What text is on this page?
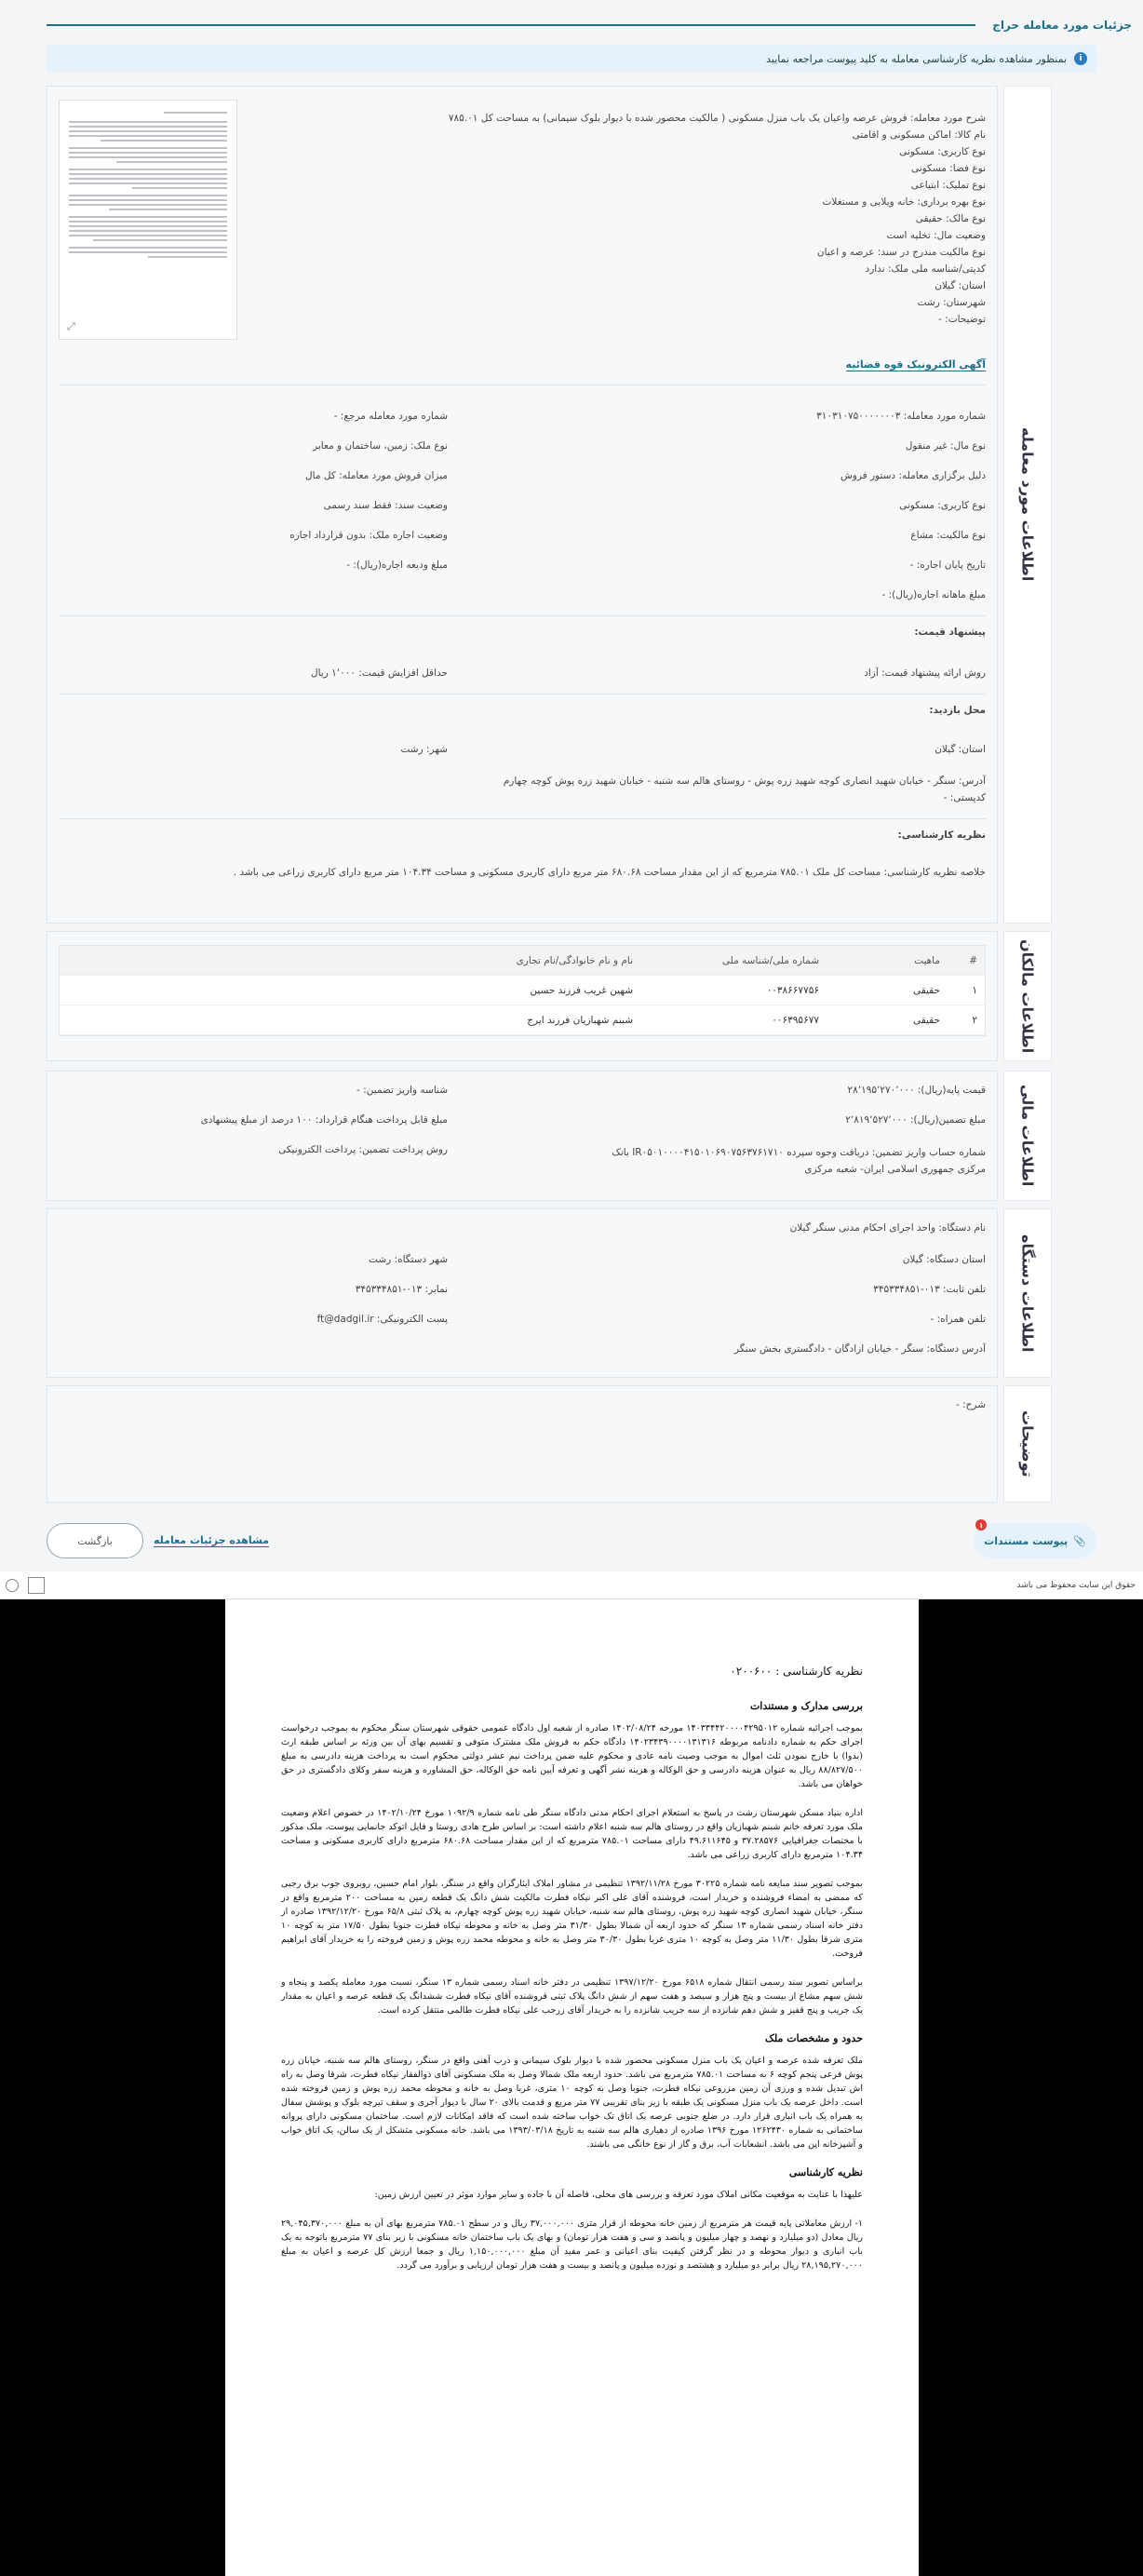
جزئیات مورد معامله حراج
i
بمنظور مشاهده نظریه کارشناسی معامله به کلید پیوست مراجعه نمایید
اطلاعات مورد معامله
شرح مورد معامله: فروش عرصه واعیان یک باب منزل مسکونی ( مالکیت محصور شده با دیوار بلوک سیمانی) به مساحت کل ۷۸۵.۰۱
نام کالا: اماکن مسکونی و اقامتی
نوع کاربری: مسکونی
نوع فضا: مسکونی
نوع تملیک: ابتیاعی
نوع بهره برداری: خانه ویلایی و مستغلات
نوع مالک: حقیقی
وضعیت مال: تخلیه است
نوع مالکیت مندرج در سند: عرصه و اعیان
کدپتی/شناسه ملی ملک: ندارد
استان: گیلان
شهرستان: رشت
توضیحات: -
⤢
آگهی الکترونیک قوه قضائیه
شماره مورد معامله: ۳۱۰۳۱۰۷۵۰۰۰۰۰۰۰۳
شماره مورد معامله مرجع: -
نوع مال: غیر منقول
نوع ملک: زمین، ساختمان و معابر
دلیل برگزاری معامله: دستور فروش
میزان فروش مورد معامله: کل مال
نوع کاربری: مسکونی
وضعیت سند: فقط سند رسمی
نوع مالکیت: مشاع
وضعیت اجاره ملک: بدون قرارداد اجاره
تاریخ پایان اجاره: -
مبلغ ودیعه اجاره(ریال): -
مبلغ ماهانه اجاره(ریال): -
پیشنهاد قیمت:
روش ارائه پیشنهاد قیمت: آزاد
حداقل افزایش قیمت: ۱٬۰۰۰ ریال
محل بازدید:
استان: گیلان
شهر: رشت
آدرس: سنگر - خیابان شهید انصاری کوچه شهید زره پوش - روستای هالم سه شنبه - خیابان شهید زره پوش کوچه چهارم
کدپستی: -
نظریه کارشناسی:
خلاصه نظریه کارشناسی: مساحت کل ملک ۷۸۵.۰۱ مترمربع که از این مقدار مساحت ۶۸۰.۶۸ متر مربع دارای کاربری مسکونی و مساحت ۱۰۴.۳۴ متر مربع دارای کاربری زراعی می باشد .
اطلاعات مالکان
#
ماهیت
شماره ملی/شناسه ملی
نام و نام خانوادگی/نام تجاری
۱
حقیقی
۰۰۳۸۶۶۷۷۵۶
شهین غریب فرزند حسین
۲
حقیقی
۰۰۶۳۹۵۶۷۷
شبنم شهبازیان فرزند ایرج
اطلاعات مالی
قیمت پایه(ریال): ۲۸٬۱۹۵٬۲۷۰٬۰۰۰
شناسه واریز تضمین: -
مبلغ تضمین(ریال): ۲٬۸۱۹٬۵۲۷٬۰۰۰
مبلغ قابل پرداخت هنگام قرارداد: ۱۰۰ درصد از مبلغ پیشنهادی
شماره حساب واریز تضمین: دریافت وجوه سپرده IR۰۵۰۱۰۰۰۰۴۱۵۰۱۰۶۹۰۷۵۶۳۷۶۱۷۱۰ بانک مرکزی جمهوری اسلامی ایران- شعبه مرکزی
روش پرداخت تضمین: پرداخت الکترونیکی
اطلاعات دستگاه
نام دستگاه: واحد اجرای احکام مدنی سنگر گیلان
استان دستگاه: گیلان
شهر دستگاه: رشت
تلفن ثابت: ۰۱۳-۳۴۵۳۳۴۸۵۱
نمابر: ۰۱۳-۳۴۵۳۳۴۸۵۱
تلفن همراه: -
پست الکترونیکی: ft@dadgil.ir
آدرس دستگاه: سنگر - خیابان ازادگان - دادگستری بخش سنگر
توضیحات
شرح: -
۱
📎
پیوست مستندات
بازگشت	مشاهده جزئیات معامله
حقوق این سایت محفوظ می باشد
نظریه کارشناسی : ۰۲۰۰۶۰۰
بررسی مدارک و مستندات
بموجب اجرائیه شماره ۱۴۰۳۳۴۴۲۰۰۰۰۴۲۹۵۰۱۲ مورخه ۱۴۰۲/۰۸/۲۴ صادره از شعبه اول دادگاه عمومی حقوقی شهرستان سنگر محکوم به بموجب درخواست اجرای حکم به شماره دادنامه مربوطه ۱۴۰۲۳۴۳۹۰۰۰۰۱۳۱۳۱۶ دادگاه حکم به فروش ملک مشترک متوفی و تقسیم بهای آن بین ورثه بر اساس طبقه ارث (بدوا) با خارج نمودن ثلث اموال به موجب وصیت نامه عادی و محکوم علیه ضمن پرداخت نیم عشر دولتی محکوم است به پرداخت هزینه دادرسی به مبلغ ۸۸/۸۲۷/۵۰۰ ریال به عنوان هزینه دادرسی و حق الوکاله و هزینه نشر آگهی و تعرفه آیین نامه حق الوکاله، حق المشاوره و هزینه سفر وکلای دادگستری در حق خواهان می باشد.
اداره بنیاد مسکن شهرستان رشت در پاسخ به استعلام اجرای احکام مدنی دادگاه سنگر طی نامه شماره ۱۰۹۲/۹ مورخ ۱۴۰۲/۱۰/۲۴ در خصوص اعلام وضعیت ملک مورد تعرفه خانم شبنم شهبازیان واقع در روستای هالم سه شنبه اعلام داشته است: بر اساس طرح هادی روستا و فایل اتوکد جانمایی پیوست، ملک مذکور با مختصات جغرافیایی ۳۷.۲۸۵۷۶ و ۴۹.۶۱۱۶۴۵ دارای مساحت ۷۸۵.۰۱ مترمربع که از این مقدار مساحت ۶۸۰.۶۸ مترمربع دارای کاربری مسکونی و مساحت ۱۰۴.۳۴ مترمربع دارای کاربری زراعی می باشد.
بموجب تصویر سند مبایعه نامه شماره ۳۰۲۲۵ مورخ ۱۳۹۲/۱۱/۲۸ تنظیمی در مشاور املاک ایثارگران واقع در سنگر، بلوار امام حسین، روبروی جوب برق رجبی که ممضی به امضاء فروشنده و خریدار است، فروشنده آقای علی اکبر نیکاه فطرت مالکیت شش دانگ یک قطعه زمین به مساحت ۲۰۰ مترمربع واقع در سنگر، خیابان شهید انصاری کوچه شهید زره پوش، روستای هالم سه شنبه، خیابان شهید زره پوش کوچه چهارم، به پلاک ثبتی ۶۵/۸ مورخ ۱۳۹۲/۱۲/۲۰ صادره از دفتر خانه اسناد رسمی شماره ۱۳ سنگر که حدود اربعه آن شمالا بطول ۳۱/۳۰ متر وصل به خانه و محوطه نیکاه فطرت جنوبا بطول ۱۷/۵۰ متر به کوچه ۱۰ متری شرقا بطول ۱۱/۳۰ متر وصل به کوچه ۱۰ متری غربا بطول ۳۰/۳۰ متر وصل به خانه و محوطه محمد زره پوش و زمین فروخته را به خریدار آقای ابراهیم فروخت.
براساس تصویر سند رسمی انتقال شماره ۶۵۱۸ مورخ ۱۳۹۷/۱۲/۲۰ تنظیمی در دفتر خانه اسناد رسمی شماره ۱۳ سنگر، نسبت مورد معامله یکصد و پنجاه و شش سهم مشاع از بیست و پنج هزار و سیصد و هفت سهم از شش دانگ پلاک ثبتی فروشنده آقای نیکاه فطرت ششدانگ یک قطعه عرصه و اعیان به مقدار یک جریب و پنج قفیز و شش دهم شانزده از سه جریب شانزده را به خریدار آقای زرجب علی نیکاه فطرت طالمی منتقل کرده است.
حدود و مشخصات ملک
ملک تعرفه شده عرصه و اعیان یک باب منزل مسکونی محصور شده با دیوار بلوک سیمانی و درب آهنی واقع در سنگر، روستای هالم سه شنبه، خیابان زره پوش فرعی پنجم کوچه ۶ به مساحت ۷۸۵.۰۱ مترمربع می باشد. حدود اربعه ملک شمالا وصل به ملک مسکونی آقای ذوالفقار نیکاه فطرت، شرقا وصل به راه اش تبدیل شده و ورزی آن زمین مزروعی نیکاه فطرت، جنوبا وصل به کوچه ۱۰ متری، غربا وصل به خانه و محوطه محمد زره پوش و زمین فروخته شده است. داخل عرصه یک باب منزل مسکونی یک طبقه با زیر بنای تقریبی ۷۷ متر مربع و قدمت بالای ۲۰ سال با دیوار آجری و سقف تیرچه بلوک و پوشش سفال به همراه یک باب انباری قرار دارد. در ضلع جنوبی عرصه یک اتاق تک خواب ساخته شده است که فاقد امکانات لازم است. ساختمان مسکونی دارای پروانه ساختمانی به شماره ۱۲۶۲۴۳۰ مورخ ۱۳۹۶ صادره از دهیاری هالم سه شنبه به تاریخ ۱۳۹۳/۰۳/۱۸ می باشد. خانه مسکونی متشکل از یک سالن، یک اتاق خواب و آشپزخانه اپن می باشد. انشعابات آب، برق و گاز از نوع خانگی می باشند.
نظریه کارشناسی
علیهذا با عنایت به موقعیت مکانی املاک مورد تعرفه و بررسی های محلی، فاصله آن با جاده و سایر موارد موثر در تعیین ارزش زمین:
۱- ارزش معاملاتی پایه قیمت هر مترمربع از زمین خانه محوطه از قرار متری ۳۷,۰۰۰,۰۰۰ ریال و در سطح ۷۸۵.۰۱ مترمربع بهای آن به مبلغ ۲۹,۰۴۵,۳۷۰,۰۰۰ ریال معادل (دو میلیارد و نهصد و چهار میلیون و پانصد و سی و هفت هزار تومان) و بهای یک باب ساختمان خانه مسکونی با زیر بنای ۷۷ مترمربع باتوجه به یک باب انباری و دیوار محوطه و در نظر گرفتن کیفیت بنای اعیانی و عمر مفید آن مبلغ ۱,۱۵۰,۰۰۰,۰۰۰ ریال و جمعا ارزش کل عرصه و اعیان به مبلغ ۲۸,۱۹۵,۲۷۰,۰۰۰ ریال برابر دو میلیارد و هشتصد و نوزده میلیون و پانصد و بیست و هفت هزار تومان ارزیابی و برآورد می گردد.
